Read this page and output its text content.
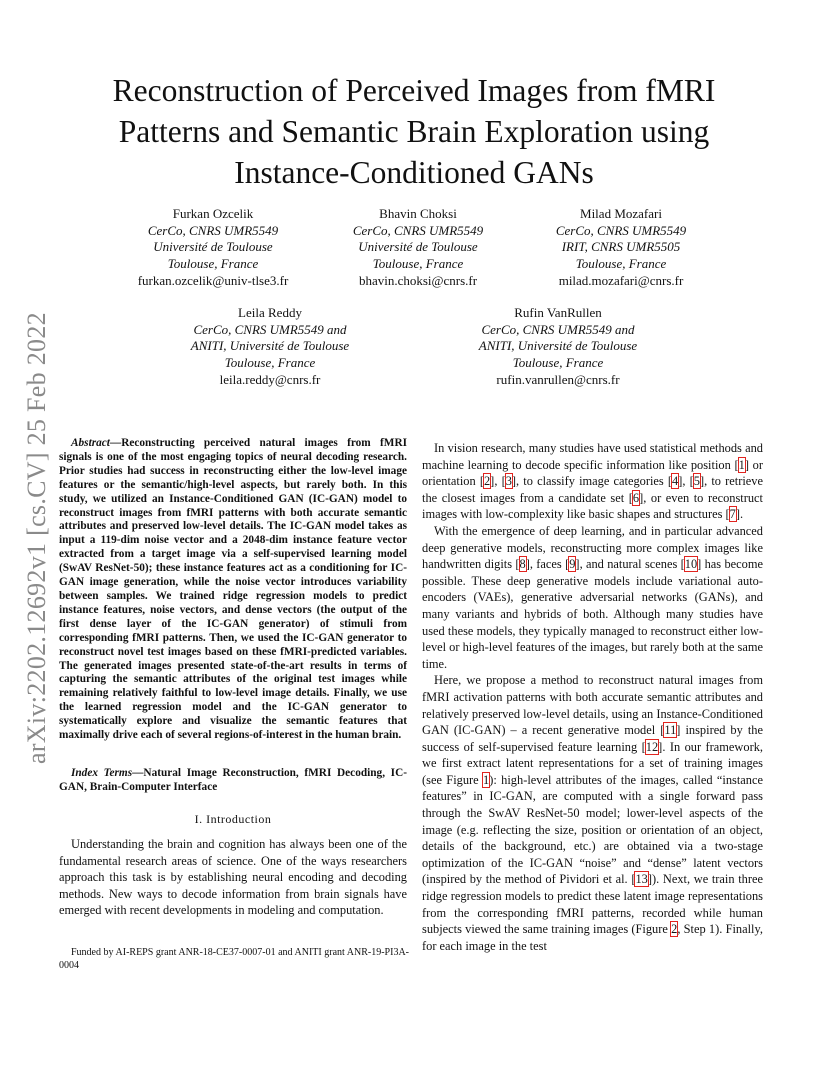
arXiv:2202.12692v1 [cs.CV] 25 Feb 2022
Reconstruction of Perceived Images from fMRI
Patterns and Semantic Brain Exploration using
Instance-Conditioned GANs
Furkan Ozcelik
CerCo, CNRS UMR5549
Université de Toulouse
Toulouse, France
furkan.ozcelik@univ-tlse3.fr
Bhavin Choksi
CerCo, CNRS UMR5549
Université de Toulouse
Toulouse, France
bhavin.choksi@cnrs.fr
Milad Mozafari
CerCo, CNRS UMR5549
IRIT, CNRS UMR5505
Toulouse, France
milad.mozafari@cnrs.fr
Leila Reddy
CerCo, CNRS UMR5549 and
ANITI, Université de Toulouse
Toulouse, France
leila.reddy@cnrs.fr
Rufin VanRullen
CerCo, CNRS UMR5549 and
ANITI, Université de Toulouse
Toulouse, France
rufin.vanrullen@cnrs.fr

Abstract—Reconstructing perceived natural images from fMRI signals is one of the most engaging topics of neural decoding research. Prior studies had success in reconstructing either the low-level image features or the semantic/high-level aspects, but rarely both. In this study, we utilized an Instance-Conditioned GAN (IC-GAN) model to reconstruct images from fMRI patterns with both accurate semantic attributes and preserved low-level details. The IC-GAN model takes as input a 119-dim noise vector and a 2048-dim instance feature vector extracted from a target image via a self-supervised learning model (SwAV ResNet-50); these instance features act as a conditioning for IC-GAN image generation, while the noise vector introduces variability between samples. We trained ridge regression models to predict instance features, noise vectors, and dense vectors (the output of the first dense layer of the IC-GAN generator) of stimuli from corresponding fMRI patterns. Then, we used the IC-GAN generator to reconstruct novel test images based on these fMRI-predicted variables. The generated images presented state-of-the-art results in terms of capturing the semantic attributes of the original test images while remaining relatively faithful to low-level image details. Finally, we use the learned regression model and the IC-GAN generator to systematically explore and visualize the semantic features that maximally drive each of several regions-of-interest in the human brain.

Index Terms—Natural Image Reconstruction, fMRI Decoding, IC-GAN, Brain-Computer Interface

I. Introduction

Understanding the brain and cognition has always been one of the fundamental research areas of science. One of the ways researchers approach this task is by establishing neural encoding and decoding methods. New ways to decode information from brain signals have emerged with recent developments in modeling and computation.

Funded by AI-REPS grant ANR-18-CE37-0007-01 and ANITI grant ANR-19-PI3A-0004

In vision research, many studies have used statistical methods and machine learning to decode specific information like position [ 1 ] or orientation [ 2 ] , [ 3 ] , to classify image categories [ 4 ] , [ 5 ] , to retrieve the closest images from a candidate set [ 6 ] , or even to reconstruct images with low-complexity like basic shapes and structures [ 7 ] .

With the emergence of deep learning, and in particular advanced deep generative models, reconstructing more complex images like handwritten digits [ 8 ] , faces [ 9 ] , and natural scenes [ 10 ] has become possible. These deep generative models include variational auto-encoders (VAEs), generative adversarial networks (GANs), and many variants and hybrids of both. Although many studies have used these models, they typically managed to reconstruct either low-level or high-level features of the images, but rarely both at the same time.

Here, we propose a method to reconstruct natural images from fMRI activation patterns with both accurate semantic attributes and relatively preserved low-level details, using an Instance-Conditioned GAN (IC-GAN) – a recent generative model [ 11 ] inspired by the success of self-supervised feature learning [ 12 ] . In our framework, we first extract latent representations for a set of training images (see Figure 1): high-level attributes of the images, called “instance features” in IC-GAN, are computed with a single forward pass through the SwAV ResNet-50 model; lower-level aspects of the image (e.g. reflecting the size, position or orientation of an object, details of the background, etc.) are obtained via a two-stage optimization of the IC-GAN “noise” and “dense” latent vectors (inspired by the method of Pividori et al. [ 13 ] ). Next, we train three ridge regression models to predict these latent image representations from the corresponding fMRI patterns, recorded while human subjects viewed the same training images (Figure 2, Step 1). Finally, for each image in the test
